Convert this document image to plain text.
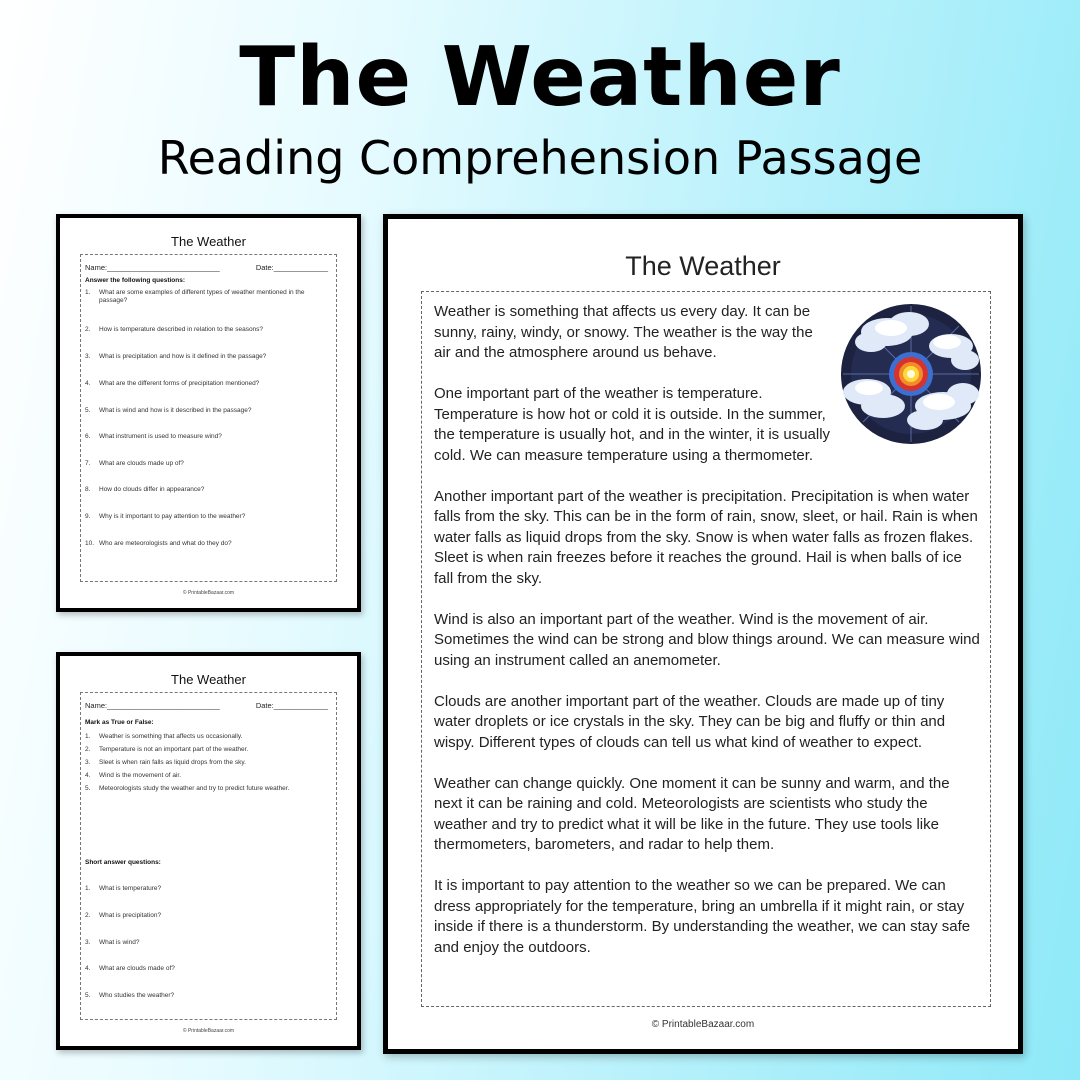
The Weather
Reading Comprehension Passage
The Weather
Name:___________________________	Date:_____________
Answer the following questions:
1.	What are some examples of different types of weather mentioned in the passage?
2.	How is temperature described in relation to the seasons?
3.	What is precipitation and how is it defined in the passage?
4.	What are the different forms of precipitation mentioned?
5.	What is wind and how is it described in the passage?
6.	What instrument is used to measure wind?
7.	What are clouds made up of?
8.	How do clouds differ in appearance?
9.	Why is it important to pay attention to the weather?
10. Who are meteorologists and what do they do?
© PrintableBazaar.com
The Weather
Name:___________________________	Date:_____________
Mark as True or False:
1.	Weather is something that affects us occasionally.
2.	Temperature is not an important part of the weather.
3.	Sleet is when rain falls as liquid drops from the sky.
4.	Wind is the movement of air.
5.	Meteorologists study the weather and try to predict future weather.
Short answer questions:
1.	What is temperature?
2.	What is precipitation?
3.	What is wind?
4.	What are clouds made of?
5.	Who studies the weather?
© PrintableBazaar.com
The Weather

Weather is something that affects us every day. It can be sunny, rainy, windy, or snowy. The weather is the way the air and the atmosphere around us behave.

One important part of the weather is temperature. Temperature is how hot or cold it is outside. In the summer, the temperature is usually hot, and in the winter, it is usually cold. We can measure temperature using a thermometer.

Another important part of the weather is precipitation. Precipitation is when water falls from the sky. This can be in the form of rain, snow, sleet, or hail. Rain is when water falls as liquid drops from the sky. Snow is when water falls as frozen flakes. Sleet is when rain freezes before it reaches the ground. Hail is when balls of ice fall from the sky.

Wind is also an important part of the weather. Wind is the movement of air. Sometimes the wind can be strong and blow things around. We can measure wind using an instrument called an anemometer.

Clouds are another important part of the weather. Clouds are made up of tiny water droplets or ice crystals in the sky. They can be big and fluffy or thin and wispy. Different types of clouds can tell us what kind of weather to expect.

Weather can change quickly. One moment it can be sunny and warm, and the next it can be raining and cold. Meteorologists are scientists who study the weather and try to predict what it will be like in the future. They use tools like thermometers, barometers, and radar to help them.

It is important to pay attention to the weather so we can be prepared. We can dress appropriately for the temperature, bring an umbrella if it might rain, or stay inside if there is a thunderstorm. By understanding the weather, we can stay safe and enjoy the outdoors.

© PrintableBazaar.com
